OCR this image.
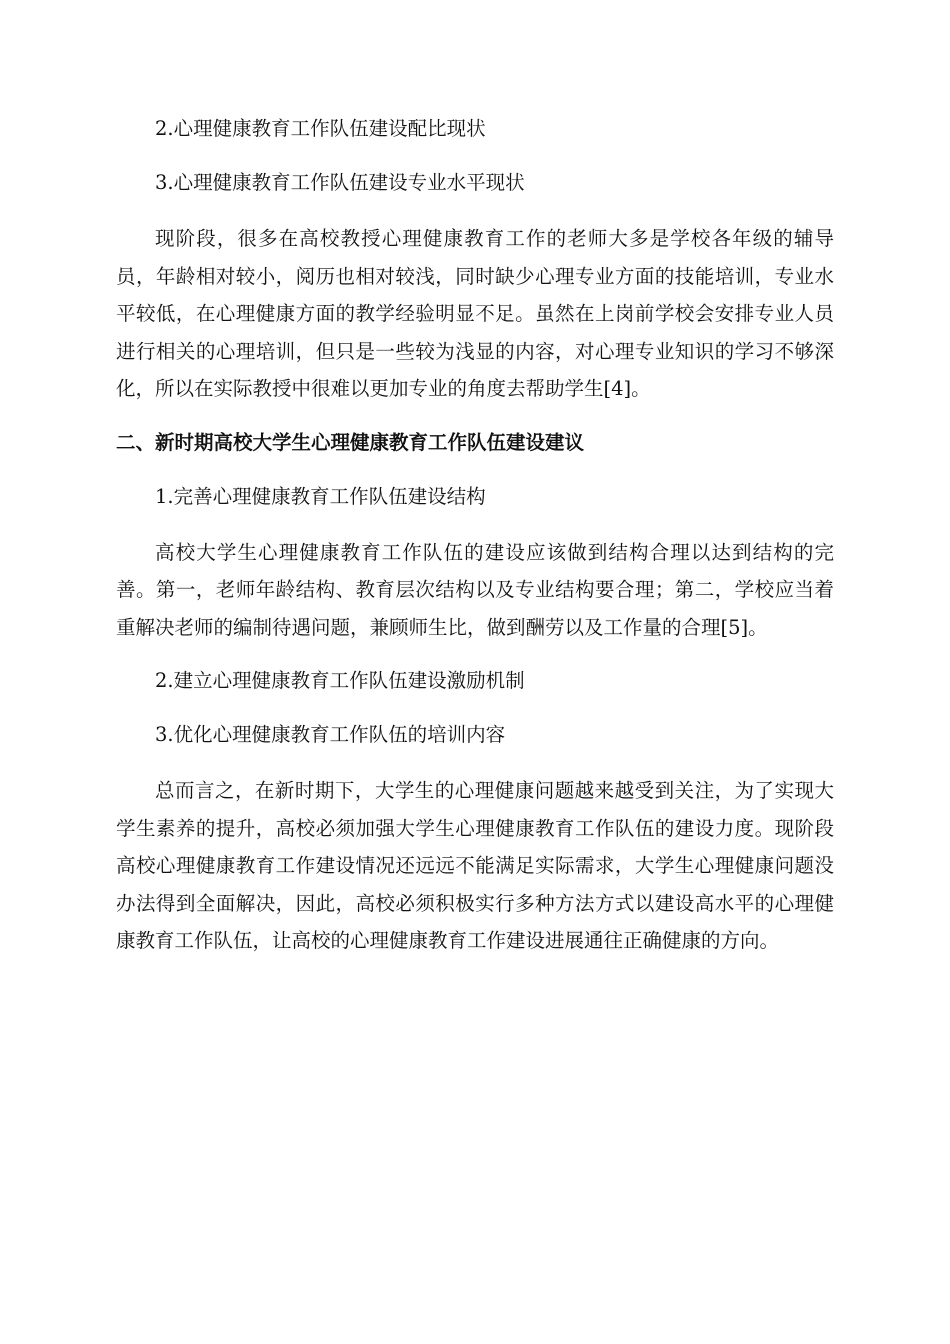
2.心理健康教育工作队伍建设配比现状

3.心理健康教育工作队伍建设专业水平现状

现阶段，很多在高校教授心理健康教育工作的老师大多是学校各年级的辅导员，年龄相对较小，阅历也相对较浅，同时缺少心理专业方面的技能培训，专业水平较低，在心理健康方面的教学经验明显不足。虽然在上岗前学校会安排专业人员进行相关的心理培训，但只是一些较为浅显的内容，对心理专业知识的学习不够深化，所以在实际教授中很难以更加专业的角度去帮助学生[4]。

二、新时期高校大学生心理健康教育工作队伍建设建议

1.完善心理健康教育工作队伍建设结构

高校大学生心理健康教育工作队伍的建设应该做到结构合理以达到结构的完善。第一，老师年龄结构、教育层次结构以及专业结构要合理；第二，学校应当着重解决老师的编制待遇问题，兼顾师生比，做到酬劳以及工作量的合理[5]。

2.建立心理健康教育工作队伍建设激励机制

3.优化心理健康教育工作队伍的培训内容

总而言之，在新时期下，大学生的心理健康问题越来越受到关注，为了实现大学生素养的提升，高校必须加强大学生心理健康教育工作队伍的建设力度。现阶段高校心理健康教育工作建设情况还远远不能满足实际需求，大学生心理健康问题没办法得到全面解决，因此，高校必须积极实行多种方法方式以建设高水平的心理健康教育工作队伍，让高校的心理健康教育工作建设进展通往正确健康的方向。
